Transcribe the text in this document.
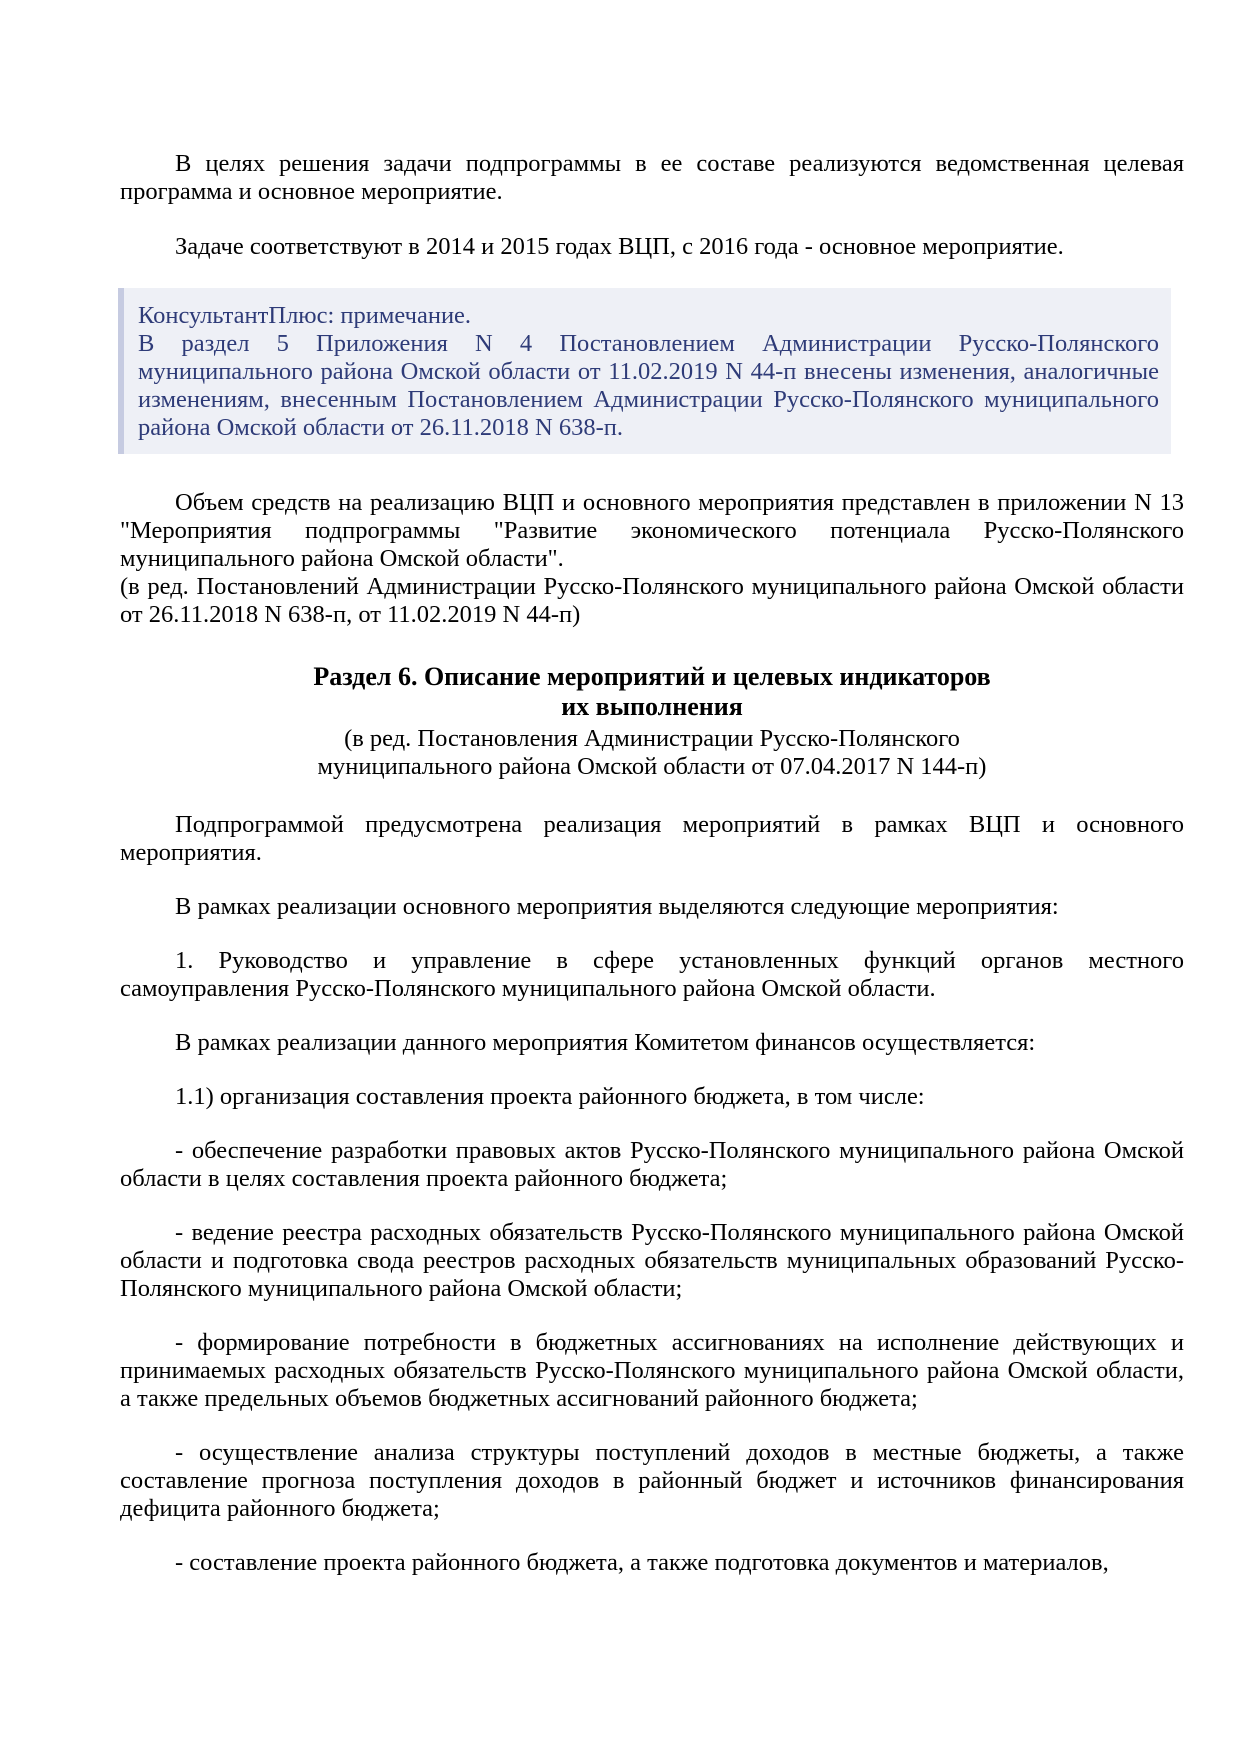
В целях решения задачи подпрограммы в ее составе реализуются ведомственная целевая программа и основное мероприятие.

Задаче соответствуют в 2014 и 2015 годах ВЦП, с 2016 года - основное мероприятие.

КонсультантПлюс: примечание.

В раздел 5 Приложения N 4 Постановлением Администрации Русско-Полянского муниципального района Омской области от 11.02.2019 N 44-п внесены изменения, аналогичные изменениям, внесенным Постановлением Администрации Русско-Полянского муниципального района Омской области от 26.11.2018 N 638-п.

Объем средств на реализацию ВЦП и основного мероприятия представлен в приложении N 13 "Мероприятия подпрограммы "Развитие экономического потенциала Русско-Полянского муниципального района Омской области".

(в ред. Постановлений Администрации Русско-Полянского муниципального района Омской области от 26.11.2018 N 638-п, от 11.02.2019 N 44-п)

Раздел 6. Описание мероприятий и целевых индикаторов

их выполнения

(в ред. Постановления Администрации Русско-Полянского

муниципального района Омской области от 07.04.2017 N 144-п)

Подпрограммой предусмотрена реализация мероприятий в рамках ВЦП и основного мероприятия.

В рамках реализации основного мероприятия выделяются следующие мероприятия:

1. Руководство и управление в сфере установленных функций органов местного самоуправления Русско-Полянского муниципального района Омской области.

В рамках реализации данного мероприятия Комитетом финансов осуществляется:

1.1) организация составления проекта районного бюджета, в том числе:

- обеспечение разработки правовых актов Русско-Полянского муниципального района Омской области в целях составления проекта районного бюджета;

- ведение реестра расходных обязательств Русско-Полянского муниципального района Омской области и подготовка свода реестров расходных обязательств муниципальных образований Русско-Полянского муниципального района Омской области;

- формирование потребности в бюджетных ассигнованиях на исполнение действующих и принимаемых расходных обязательств Русско-Полянского муниципального района Омской области, а также предельных объемов бюджетных ассигнований районного бюджета;

- осуществление анализа структуры поступлений доходов в местные бюджеты, а также составление прогноза поступления доходов в районный бюджет и источников финансирования дефицита районного бюджета;

- составление проекта районного бюджета, а также подготовка документов и материалов,
